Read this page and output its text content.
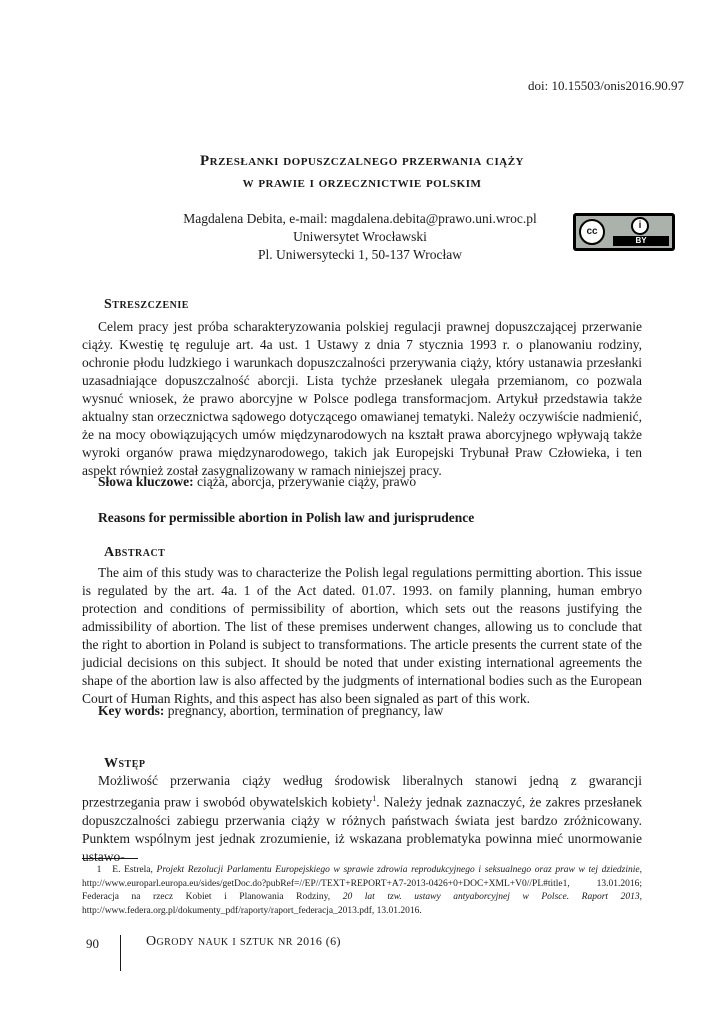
doi: 10.15503/onis2016.90.97
Przesłanki dopuszczalnego przerwania ciąży
w prawie i orzecznictwie polskim
Magdalena Debita, e-mail: magdalena.debita@prawo.uni.wroc.pl
Uniwersytet Wrocławski
Pl. Uniwersytecki 1, 50-137 Wrocław
cc
i
BY
Streszczenie

Celem pracy jest próba scharakteryzowania polskiej regulacji prawnej dopuszczającej przerwanie ciąży. Kwestię tę reguluje art. 4a ust. 1 Ustawy z dnia 7 stycznia 1993 r. o planowaniu rodziny, ochronie płodu ludzkiego i warunkach dopuszczalności przerywania ciąży, który ustanawia przesłanki uzasadniające dopuszczalność aborcji. Lista tychże przesłanek ulegała przemianom, co pozwala wysnuć wniosek, że prawo aborcyjne w Polsce podlega transformacjom. Artykuł przedstawia także aktualny stan orzecznictwa sądowego dotyczącego omawianej tematyki. Należy oczywiście nadmienić, że na mocy obowiązujących umów międzynarodowych na kształt prawa aborcyjnego wpływają także wyroki organów prawa międzynarodowego, takich jak Europejski Trybunał Praw Człowieka, i ten aspekt również został zasygnalizowany w ramach niniejszej pracy.

Słowa kluczowe: ciąża, aborcja, przerywanie ciąży, prawo
Reasons for permissible abortion in Polish law and jurisprudence
Abstract

The aim of this study was to characterize the Polish legal regulations permitting abortion. This issue is regulated by the art. 4a. 1 of the Act dated. 01.07. 1993. on family planning, human embryo protection and conditions of permissibility of abortion, which sets out the reasons justifying the admissibility of abortion. The list of these premises underwent changes, allowing us to conclude that the right to abortion in Poland is subject to transformations. The article presents the current state of the judicial decisions on this subject. It should be noted that under existing international agreements the shape of the abortion law is also affected by the judgments of international bodies such as the European Court of Human Rights, and this aspect has also been signaled as part of this work.

Key words: pregnancy, abortion, termination of pregnancy, law
Wstęp

Możliwość przerwania ciąży według środowisk liberalnych stanowi jedną z gwarancji przestrzegania praw i swobód obywatelskich kobiety$^1$. Należy jednak zaznaczyć, że zakres przesłanek dopuszczalności zabiegu przerwania ciąży w różnych państwach świata jest bardzo zróżnicowany. Punktem wspólnym jest jednak zrozumienie, iż wskazana problematyka powinna mieć unormowanie ustawo-

1 E. Estrela, Projekt Rezolucji Parlamentu Europejskiego w sprawie zdrowia reprodukcyjnego i seksualnego oraz praw w tej dziedzinie, http://www.europarl.europa.eu/sides/getDoc.do?pubRef=//EP//TEXT+REPORT+A7-2013-0426+0+DOC+XML+V0//PL#title1, 13.01.2016; Federacja na rzecz Kobiet i Planowania Rodziny, 20 lat tzw. ustawy antyaborcyjnej w Polsce. Raport 2013, http://www.federa.org.pl/dokumenty_pdf/raporty/raport_federacja_2013.pdf, 13.01.2016.
90	Ogrody nauk i sztuk nr 2016 (6)
